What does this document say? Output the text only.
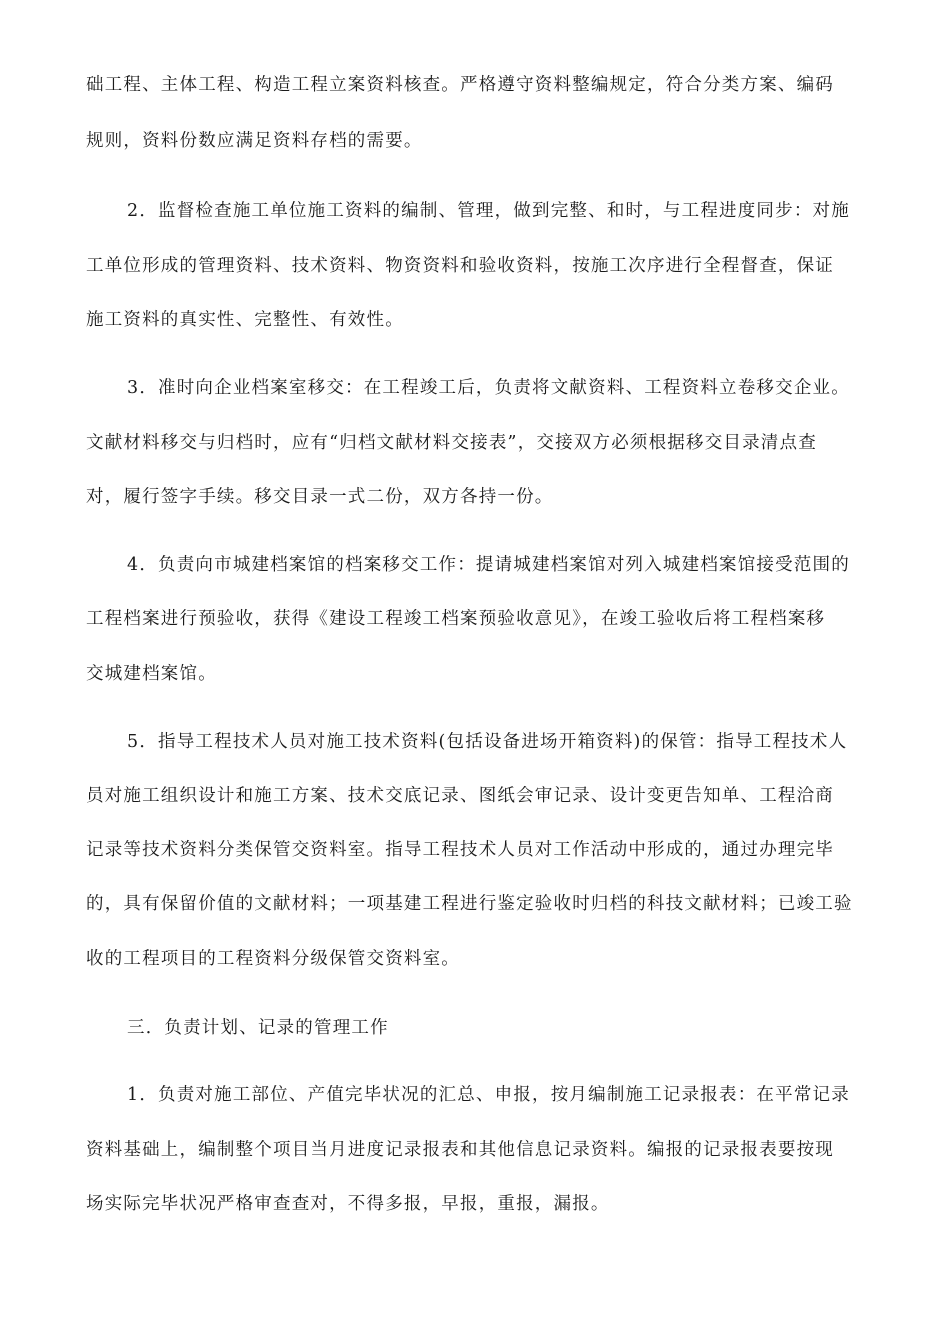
础工程、主体工程、构造工程立案资料核查。严格遵守资料整编规定，符合分类方案、编码

规则，资料份数应满足资料存档的需要。

2．监督检查施工单位施工资料的编制、管理，做到完整、和时，与工程进度同步：对施

工单位形成的管理资料、技术资料、物资资料和验收资料，按施工次序进行全程督查，保证

施工资料的真实性、完整性、有效性。

3．准时向企业档案室移交：在工程竣工后，负责将文献资料、工程资料立卷移交企业。

文献材料移交与归档时，应有“归档文献材料交接表”，交接双方必须根据移交目录清点查

对，履行签字手续。移交目录一式二份，双方各持一份。

4．负责向市城建档案馆的档案移交工作：提请城建档案馆对列入城建档案馆接受范围的

工程档案进行预验收，获得《建设工程竣工档案预验收意见》，在竣工验收后将工程档案移

交城建档案馆。

5．指导工程技术人员对施工技术资料(包括设备进场开箱资料)的保管：指导工程技术人

员对施工组织设计和施工方案、技术交底记录、图纸会审记录、设计变更告知单、工程洽商

记录等技术资料分类保管交资料室。指导工程技术人员对工作活动中形成的，通过办理完毕

的，具有保留价值的文献材料；一项基建工程进行鉴定验收时归档的科技文献材料；已竣工验

收的工程项目的工程资料分级保管交资料室。

三．负责计划、记录的管理工作

1．负责对施工部位、产值完毕状况的汇总、申报，按月编制施工记录报表：在平常记录

资料基础上，编制整个项目当月进度记录报表和其他信息记录资料。编报的记录报表要按现

场实际完毕状况严格审查查对，不得多报，早报，重报，漏报。
